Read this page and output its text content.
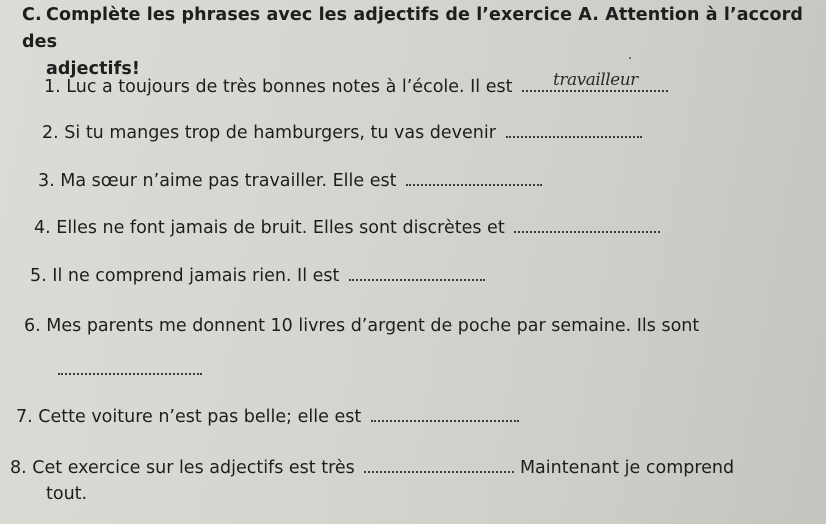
C. Complète les phrases avec les adjectifs de l’exercice A. Attention à l’accord des
adjectifs!
1. Luc a toujours de très bonnes notes à l’école. Il est	travailleur
2. Si tu manges trop de hamburgers, tu vas devenir
3. Ma sœur n’aime pas travailler. Elle est
4. Elles ne font jamais de bruit. Elles sont discrètes et
5. Il ne comprend jamais rien. Il est
6. Mes parents me donnent 10 livres d’argent de poche par semaine. Ils sont
7. Cette voiture n’est pas belle; elle est
8. Cet exercice sur les adjectifs est très	Maintenant je comprend
tout.
